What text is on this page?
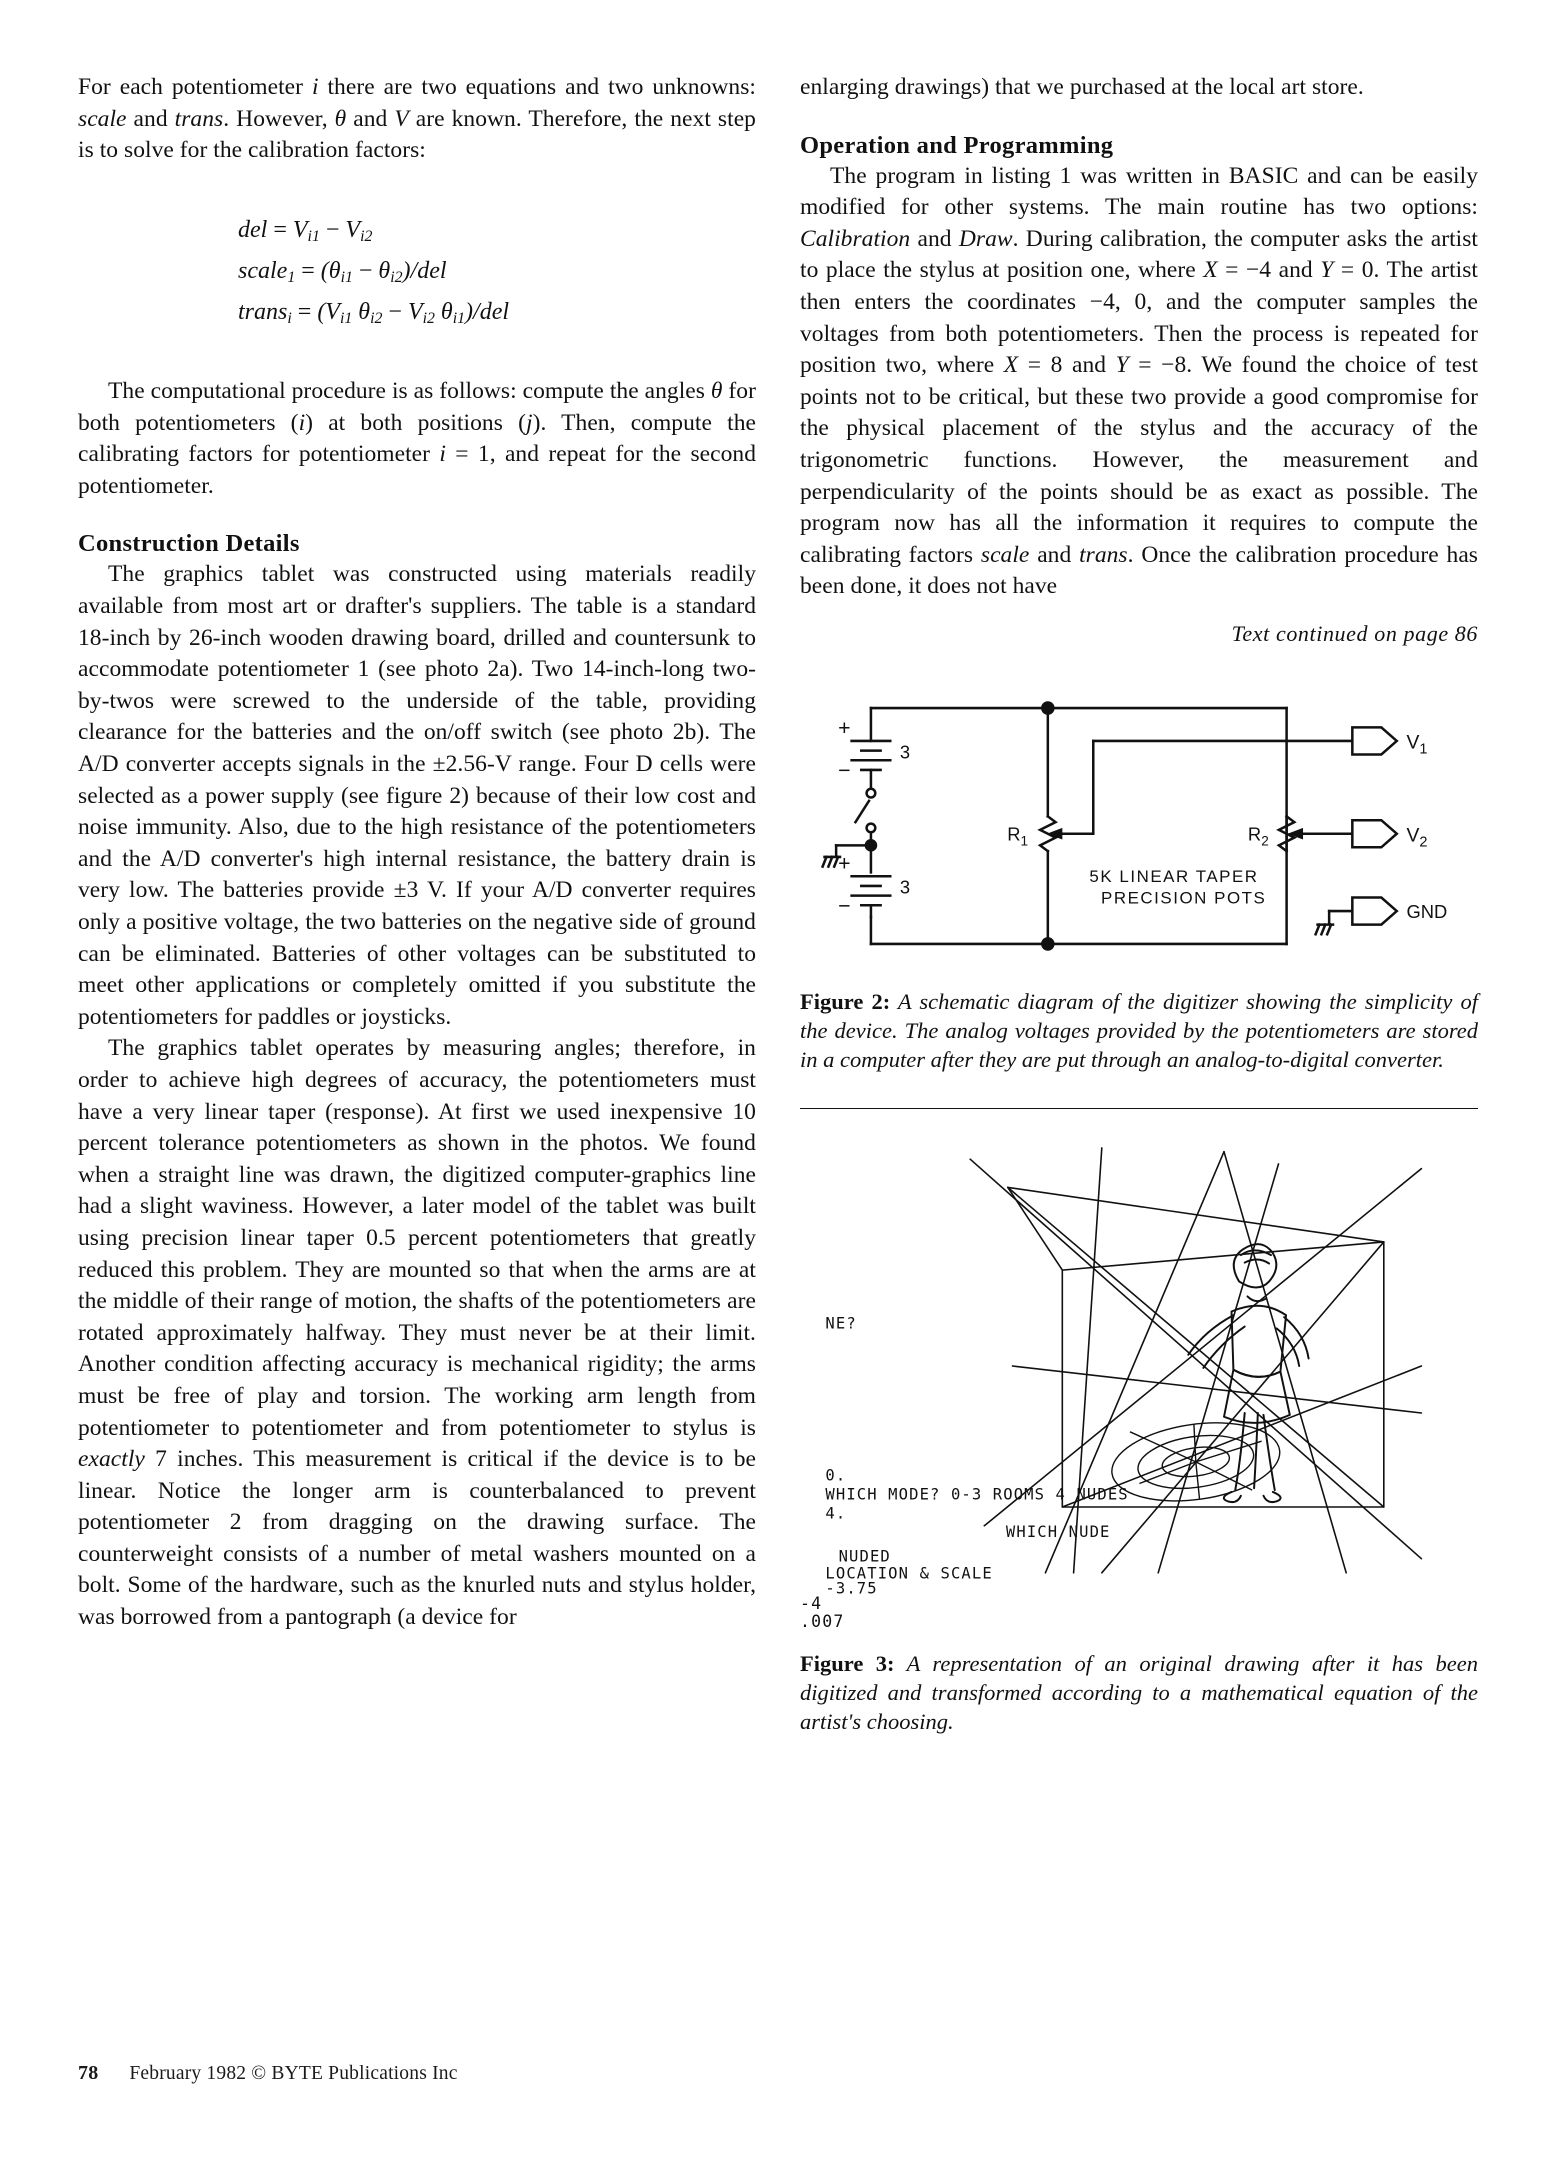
For each potentiometer i there are two equations and two unknowns: scale and trans. However, θ and V are known. Therefore, the next step is to solve for the calibration factors:

del = $V_{i1} - V_{i2}$
scale$_1$ = $(\theta_{i1} - \theta_{i2})/del$
trans$_i$ = ($V_{i1}$ $\theta_{i2} - V_{i2}$ $\theta_{i1}$)/del

The computational procedure is as follows: compute the angles θ for both potentiometers (i) at both positions (j). Then, compute the calibrating factors for potentiometer i = 1, and repeat for the second potentiometer.

Construction Details

The graphics tablet was constructed using materials readily available from most art or drafter's suppliers. The table is a standard 18-inch by 26-inch wooden drawing board, drilled and countersunk to accommodate potentiometer 1 (see photo 2a). Two 14-inch-long two-by-twos were screwed to the underside of the table, providing clearance for the batteries and the on/off switch (see photo 2b). The A/D converter accepts signals in the ±2.56-V range. Four D cells were selected as a power supply (see figure 2) because of their low cost and noise immunity. Also, due to the high resistance of the potentiometers and the A/D converter's high internal resistance, the battery drain is very low. The batteries provide ±3 V. If your A/D converter requires only a positive voltage, the two batteries on the negative side of ground can be eliminated. Batteries of other voltages can be substituted to meet other applications or completely omitted if you substitute the potentiometers for paddles or joysticks.

The graphics tablet operates by measuring angles; therefore, in order to achieve high degrees of accuracy, the potentiometers must have a very linear taper (response). At first we used inexpensive 10 percent tolerance potentiometers as shown in the photos. We found when a straight line was drawn, the digitized computer-graphics line had a slight waviness. However, a later model of the tablet was built using precision linear taper 0.5 percent potentiometers that greatly reduced this problem. They are mounted so that when the arms are at the middle of their range of motion, the shafts of the potentiometers are rotated approximately halfway. They must never be at their limit. Another condition affecting accuracy is mechanical rigidity; the arms must be free of play and torsion. The working arm length from potentiometer to potentiometer and from potentiometer to stylus is exactly 7 inches. This measurement is critical if the device is to be linear. Notice the longer arm is counterbalanced to prevent potentiometer 2 from dragging on the drawing surface. The counterweight consists of a number of metal washers mounted on a bolt. Some of the hardware, such as the knurled nuts and stylus holder, was borrowed from a pantograph (a device for

enlarging drawings) that we purchased at the local art store.

Operation and Programming

The program in listing 1 was written in BASIC and can be easily modified for other systems. The main routine has two options: Calibration and Draw. During calibration, the computer asks the artist to place the stylus at position one, where X = −4 and Y = 0. The artist then enters the coordinates −4, 0, and the computer samples the voltages from both potentiometers. Then the process is repeated for position two, where X = 8 and Y = −8. We found the choice of test points not to be critical, but these two provide a good compromise for the physical placement of the stylus and the accuracy of the trigonometric functions. However, the measurement and perpendicularity of the points should be as exact as possible. The program now has all the information it requires to compute the calibrating factors scale and trans. Once the calibration procedure has been done, it does not have

Text continued on page 86
+
−
3
+
−
3
$R_1$	$R_2$
5K LINEAR TAPER
PRECISION POTS
$V_1$
$V_2$
GND
Figure 2: A schematic diagram of the digitizer showing the simplicity of the device. The analog voltages provided by the potentiometers are stored in a computer after they are put through an analog-to-digital converter.
NE?
0.
WHICH MODE? 0-3 ROOMS 4 NUDES
4.
WHICH NUDE
NUDED
LOCATION & SCALE
-3.75
-4
.007
Figure 3: A representation of an original drawing after it has been digitized and transformed according to a mathematical equation of the artist's choosing.
78 February 1982 © BYTE Publications Inc
